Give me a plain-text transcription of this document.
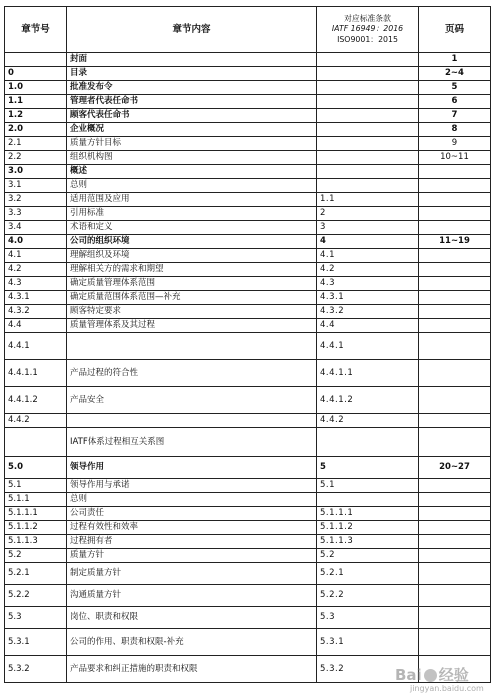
章节号	章节内容	对应标准条款
IATF 16949：2016
ISO9001：2015	页码
	封面		1
0	目录		2~4
1.0	批准发布令		5
1.1	管理者代表任命书		6
1.2	顾客代表任命书		7
2.0	企业概况		8
2.1	质量方针目标		9
2.2	组织机构图		10~11
3.0	概述		
3.1	总则		
3.2	适用范围及应用	1.1	
3.3	引用标准	2	
3.4	术语和定义	3	
4.0	公司的组织环境	4	11~19
4.1	理解组织及环境	4.1	
4.2	理解相关方的需求和期望	4.2	
4.3	确定质量管理体系范围	4.3	
4.3.1	确定质量范围体系范围—补充	4.3.1	
4.3.2	顾客特定要求	4.3.2	
4.4	质量管理体系及其过程	4.4	
4.4.1		4.4.1	
4.4.1.1	产品过程的符合性	4.4.1.1	
4.4.1.2	产品安全	4.4.1.2	
4.4.2		4.4.2	
	IATF体系过程相互关系图		
5.0	领导作用	5	20~27
5.1	领导作用与承诺	5.1	
5.1.1	总则		
5.1.1.1	公司责任	5.1.1.1	
5.1.1.2	过程有效性和效率	5.1.1.2	
5.1.1.3	过程拥有者	5.1.1.3	
5.2	质量方针	5.2	
5.2.1	制定质量方针	5.2.1	
5.2.2	沟通质量方针	5.2.2	
5.3	岗位、职责和权限	5.3	
5.3.1	公司的作用、职责和权限-补充	5.3.1	
5.3.2	产品要求和纠正措施的职责和权限	5.3.2		Bai 经验
jingyan.baidu.com
